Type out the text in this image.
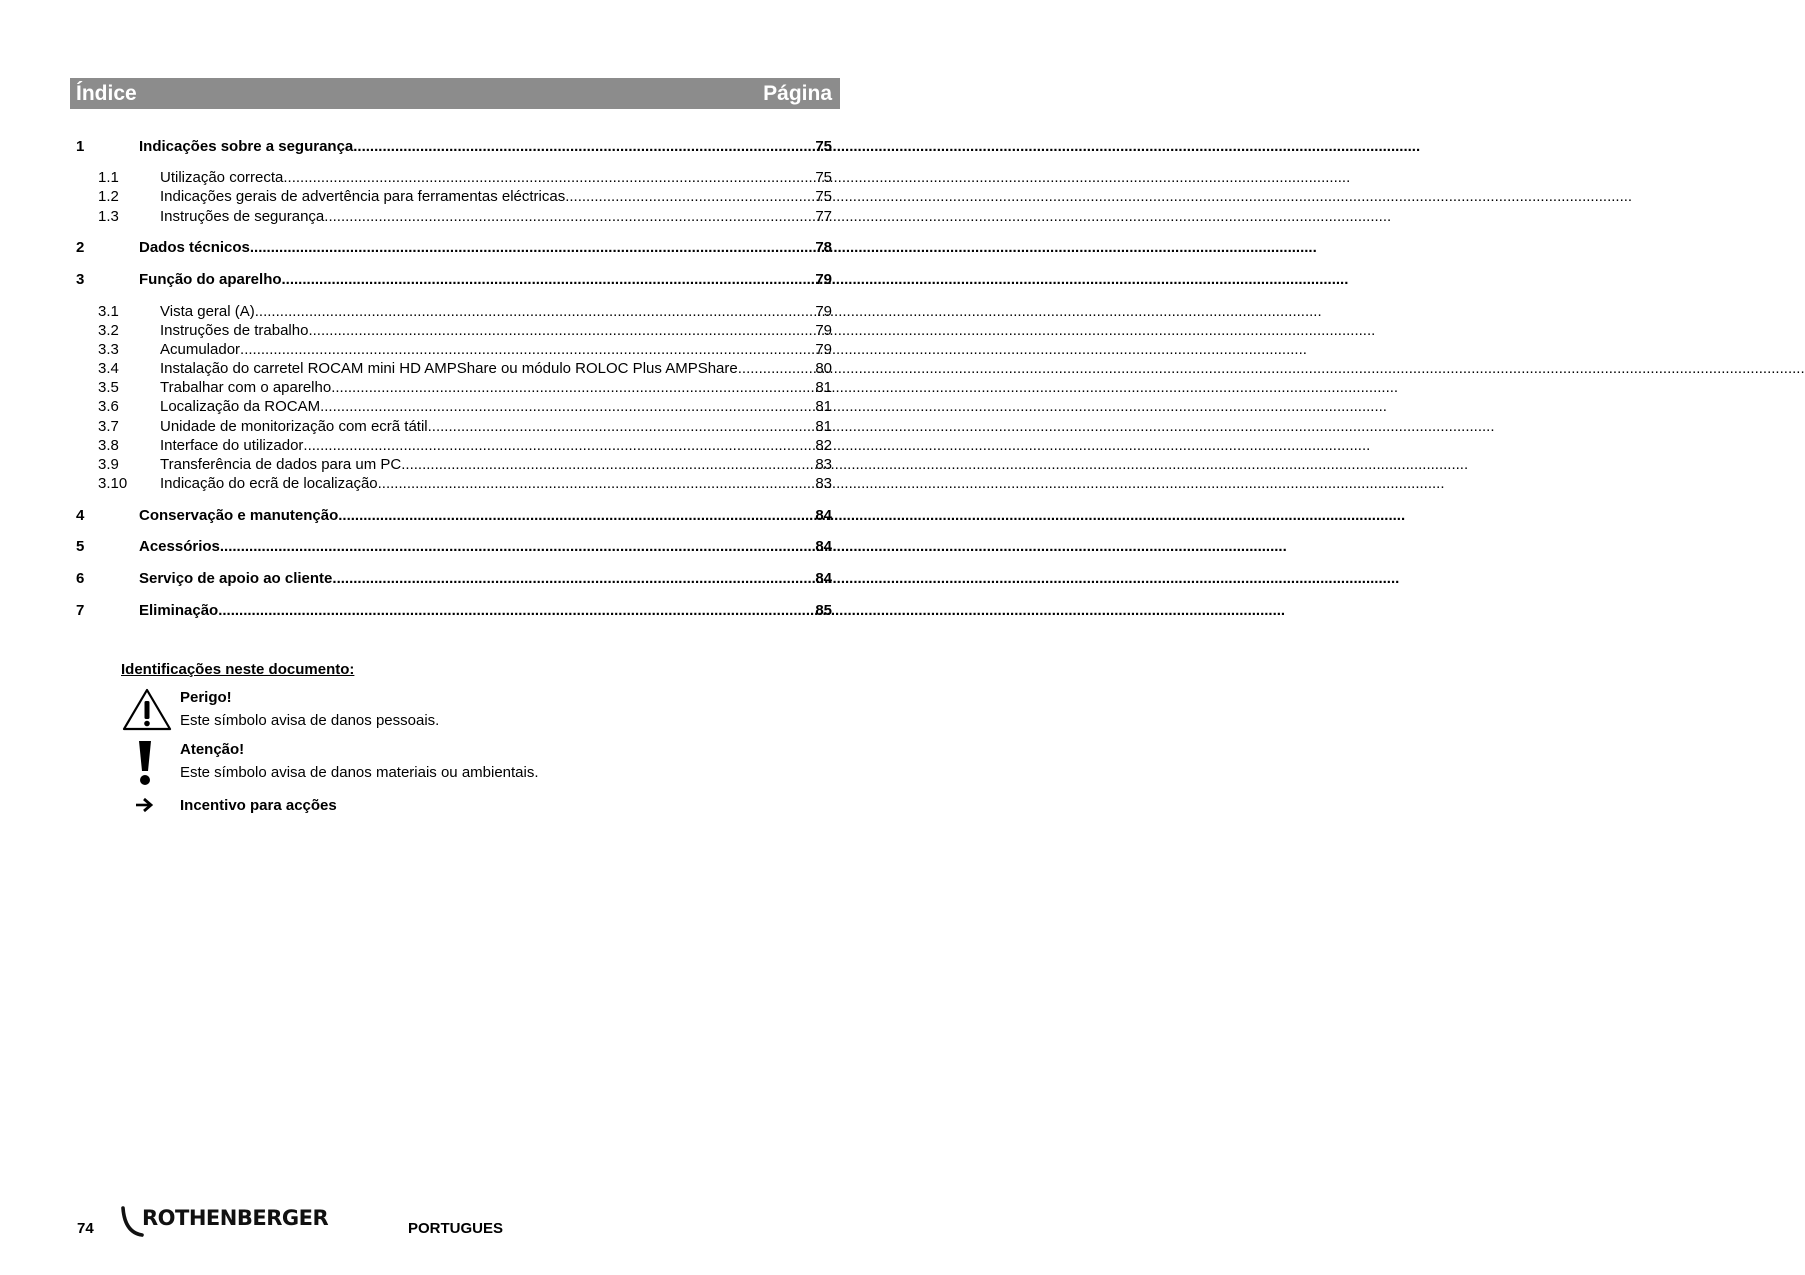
Índice	Página
1	Indicações sobre a segurança .....	75
1.1	Utilização correcta .....	75
1.2	Indicações gerais de advertência para ferramentas eléctricas .....	75
1.3	Instruções de segurança .....	77
2	Dados técnicos .....	78
3	Função do aparelho .....	79
3.1	Vista geral (A) .....	79
3.2	Instruções de trabalho .....	79
3.3	Acumulador .....	79
3.4	Instalação do carretel ROCAM mini HD AMPShare ou módulo ROLOC Plus AMPShare .....	80
3.5	Trabalhar com o aparelho .....	81
3.6	Localização da ROCAM .....	81
3.7	Unidade de monitorização com ecrã tátil .....	81
3.8	Interface do utilizador .....	82
3.9	Transferência de dados para um PC .....	83
3.10	Indicação do ecrã de localização .....	83
4	Conservação e manutenção .....	84
5	Acessórios .....	84
6	Serviço de apoio ao cliente .....	84
7	Eliminação .....	85
Identificações neste documento:
Perigo!
Este símbolo avisa de danos pessoais.
Atenção!
Este símbolo avisa de danos materiais ou ambientais.
Incentivo para acções
74 ROTHENBERGER	PORTUGUES
